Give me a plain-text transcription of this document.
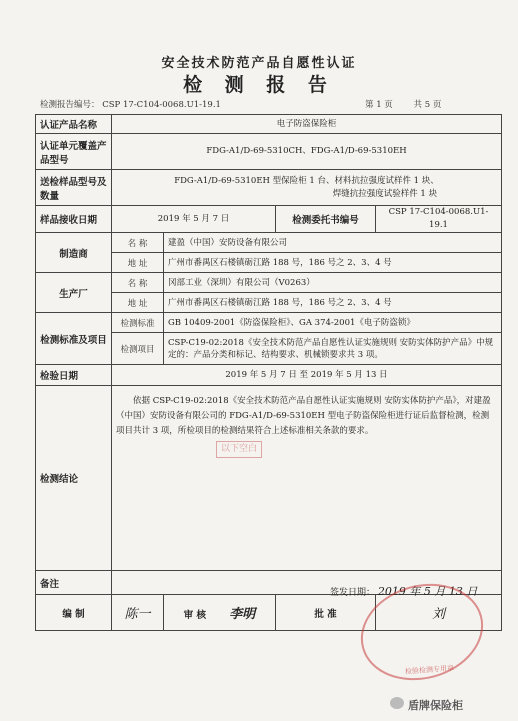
安全技术防范产品自愿性认证
检 测 报 告
检测报告编号： CSP 17-C104-0068.U1-19.1	第 1 页 共 5 页
认证产品名称	电子防盗保险柜			
认证单元覆盖产品型号	FDG-A1/D-69-5310CH、FDG-A1/D-69-5310EH			
送检样品型号及数量	FDG-A1/D-69-5310EH 型保险柜 1 台、材料抗拉强度试样件 1 块、
焊缝抗拉强度试验样件 1 块			

样品接收日期	2019 年 5 月 7 日		检测委托书编号	CSP 17-C104-0068.U1-19.1
制造商	名 称	建盈（中国）安防设备有限公司		
	地 址	广州市番禺区石楼镇砺江路 188 号，186 号之 2、3、4 号		
生产厂	名 称	冈部工业（深圳）有限公司（V0263）		
	地 址	广州市番禺区石楼镇砺江路 188 号，186 号之 2、3、4 号		
检测标准及项目	检测标准	GB 10409-2001《防盗保险柜》、GA 374-2001《电子防盗锁》		
	检测项目	CSP-C19-02:2018《安全技术防范产品自愿性认证实施规则 安防实体防护产品》中规定的：产品分类和标记、结构要求、机械锁要求共 3 项。		
检验日期	2019 年 5 月 7 日 至 2019 年 5 月 13 日			
检测结论	依据 CSP-C19-02:2018《安全技术防范产品自愿性认证实施规则 安防实体防护产品》，对建盈（中国）安防设备有限公司的 FDG-A1/D-69-5310EH 型电子防盗保险柜进行证后监督检测，检测项目共计 3 项，所检项目的检测结果符合上述标准相关条款的要求。
以下空白			
备注				
编 制	陈一	审 核 李明	批 准	刘
签发日期： 2019 年 5 月 13 日
检验检测专用章
盾牌保险柜
